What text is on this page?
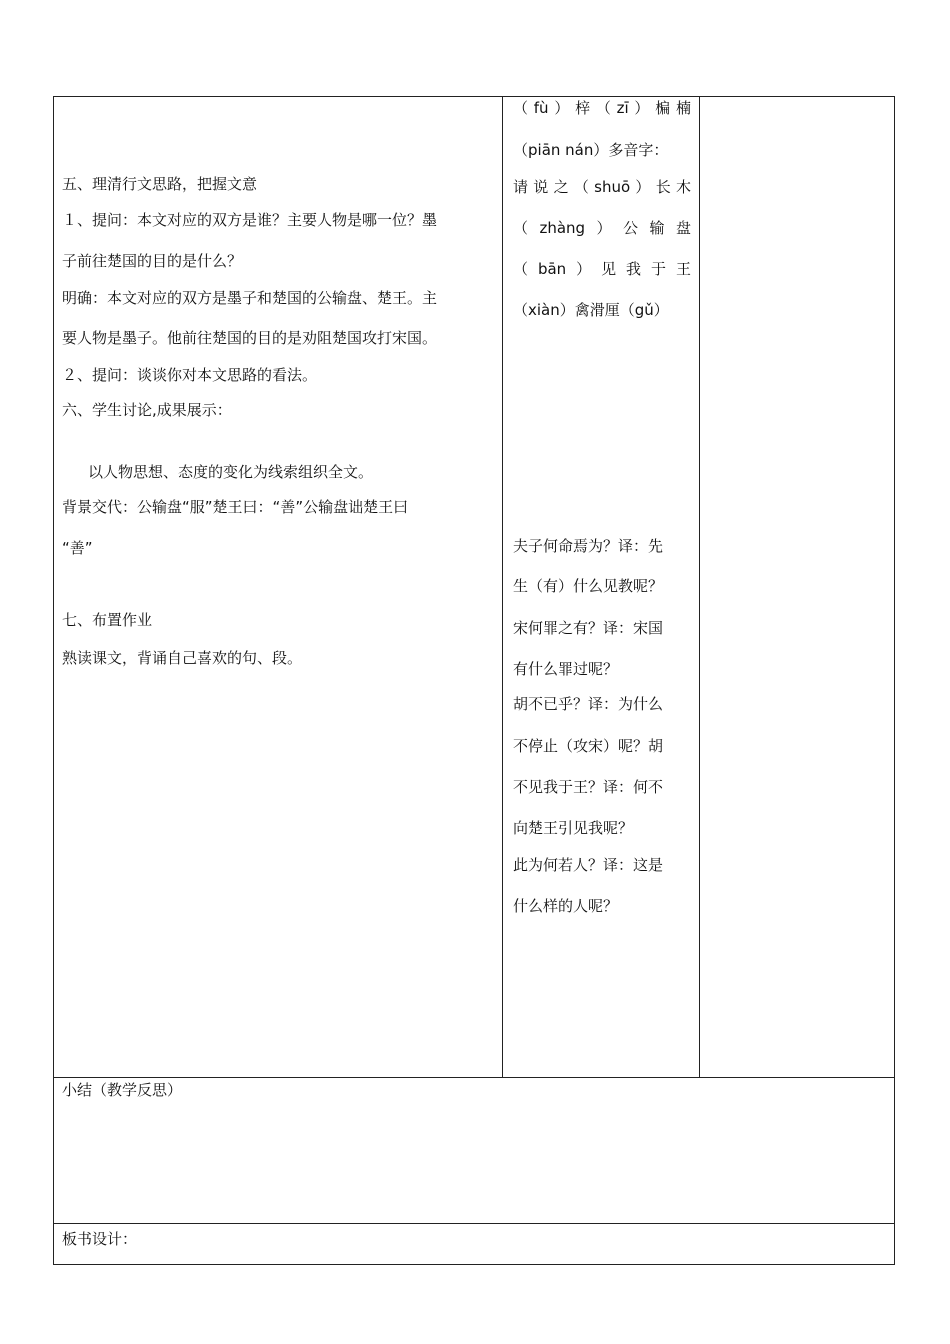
五、理清行文思路，把握文意
１、提问：本文对应的双方是谁？主要人物是哪一位？墨
子前往楚国的目的是什么？
明确：本文对应的双方是墨子和楚国的公输盘、楚王。主
要人物是墨子。他前往楚国的目的是劝阻楚国攻打宋国。
２、提问：谈谈你对本文思路的看法。
六、学生讨论,成果展示：
以人物思想、态度的变化为线索组织全文。
背景交代：公输盘“服”楚王曰：“善”公输盘诎楚王曰
“善”
七、布置作业
熟读课文，背诵自己喜欢的句、段。
（ fù ） 梓 （ zī ） 楄 楠
（piān nán）多音字：
请 说 之 （ shuō ） 长 木
（ zhàng ） 公 输 盘
（ bān ） 见 我 于 王
（xiàn）禽滑厘（gǔ）
夫子何命焉为？译：先
生（有）什么见教呢？
宋何罪之有？译：宋国
有什么罪过呢？
胡不已乎？译：为什么
不停止（攻宋）呢？胡
不见我于王？译：何不
向楚王引见我呢？
此为何若人？译：这是
什么样的人呢？
小结（教学反思）
板书设计：
